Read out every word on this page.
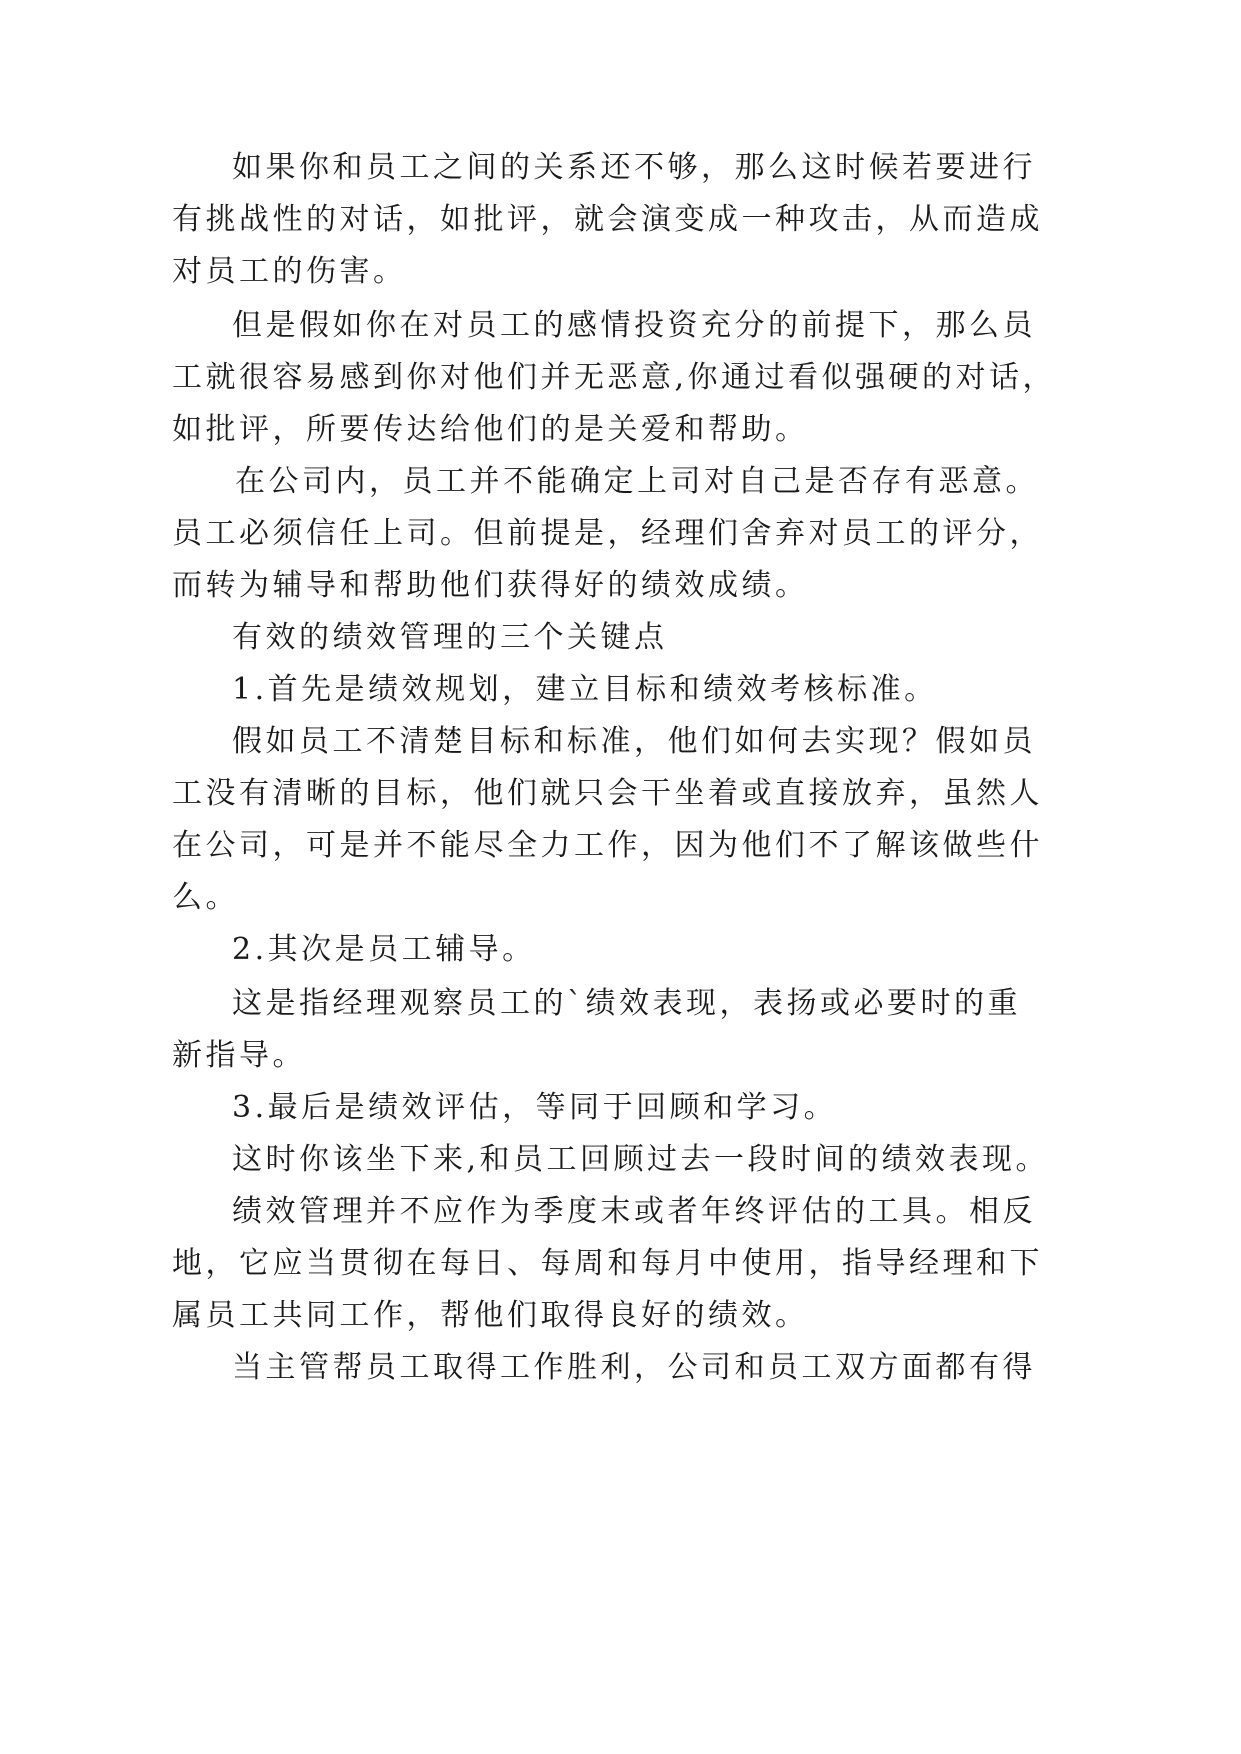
如果你和员工之间的关系还不够，那么这时候若要进行
有挑战性的对话，如批评，就会演变成一种攻击，从而造成
对员工的伤害。
但是假如你在对员工的感情投资充分的前提下，那么员
工就很容易感到你对他们并无恶意,你通过看似强硬的对话，
如批评，所要传达给他们的是关爱和帮助。
在公司内，员工并不能确定上司对自己是否存有恶意。
员工必须信任上司。但前提是，经理们舍弃对员工的评分，
而转为辅导和帮助他们获得好的绩效成绩。
有效的绩效管理的三个关键点
1.首先是绩效规划，建立目标和绩效考核标准。
假如员工不清楚目标和标准，他们如何去实现？假如员
工没有清晰的目标，他们就只会干坐着或直接放弃，虽然人
在公司，可是并不能尽全力工作，因为他们不了解该做些什
么。
2.其次是员工辅导。
这是指经理观察员工的`绩效表现，表扬或必要时的重
新指导。
3.最后是绩效评估，等同于回顾和学习。
这时你该坐下来,和员工回顾过去一段时间的绩效表现。
绩效管理并不应作为季度末或者年终评估的工具。相反
地，它应当贯彻在每日、每周和每月中使用，指导经理和下
属员工共同工作，帮他们取得良好的绩效。
当主管帮员工取得工作胜利，公司和员工双方面都有得
